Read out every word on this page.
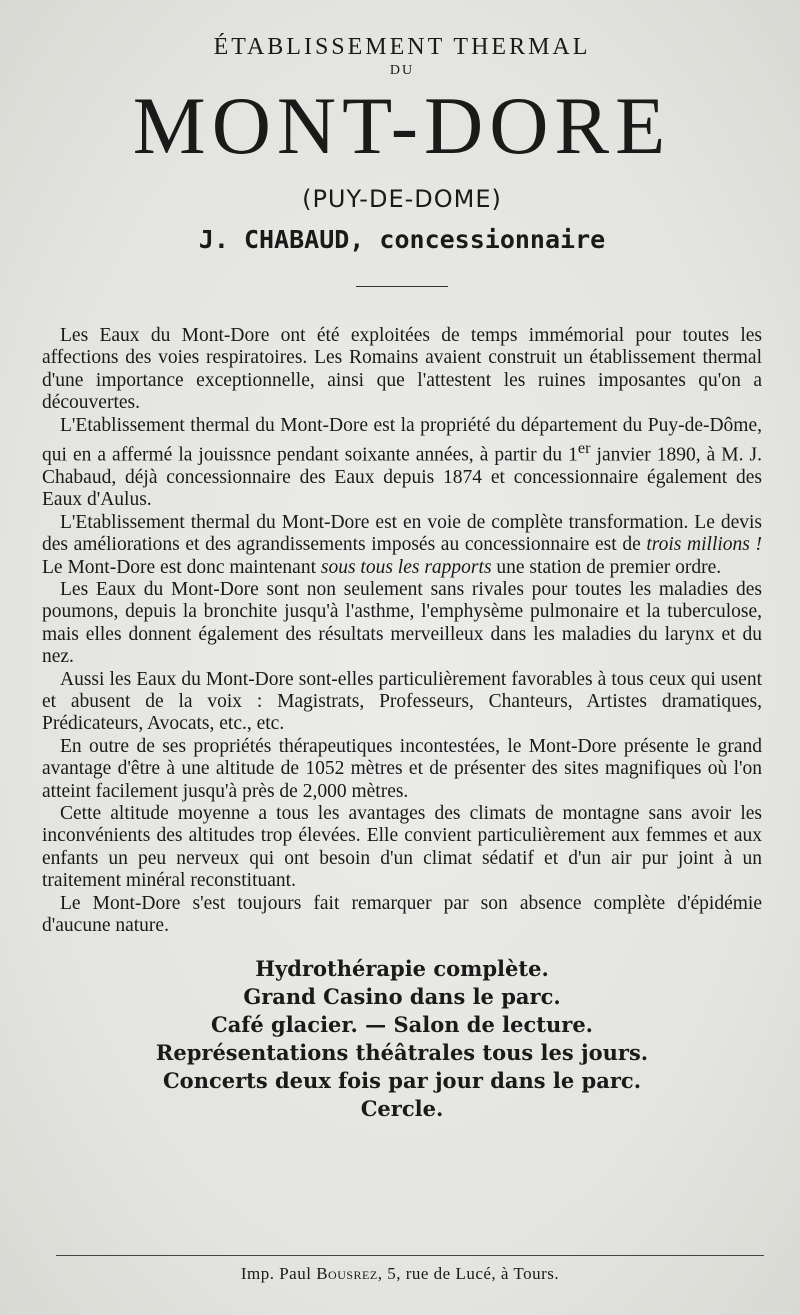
ÉTABLISSEMENT THERMAL
DU
MONT-DORE
(PUY-DE-DOME)
J. CHABAUD, concessionnaire

Les Eaux du Mont-Dore ont été exploitées de temps immémorial pour toutes les affections des voies respiratoires. Les Romains avaient construit un établissement thermal d'une importance exceptionnelle, ainsi que l'attestent les ruines imposantes qu'on a découvertes.

L'Etablissement thermal du Mont-Dore est la propriété du département du Puy-de-Dôme, qui en a affermé la jouissnce pendant soixante années, à partir du 1er janvier 1890, à M. J. Chabaud, déjà concessionnaire des Eaux depuis 1874 et concessionnaire également des Eaux d'Aulus.

L'Etablissement thermal du Mont-Dore est en voie de complète transformation. Le devis des améliorations et des agrandissements imposés au concessionnaire est de trois millions ! Le Mont-Dore est donc maintenant sous tous les rapports une station de premier ordre.

Les Eaux du Mont-Dore sont non seulement sans rivales pour toutes les maladies des poumons, depuis la bronchite jusqu'à l'asthme, l'emphysème pulmonaire et la tuberculose, mais elles donnent également des résultats merveilleux dans les maladies du larynx et du nez.

Aussi les Eaux du Mont-Dore sont-elles particulièrement favorables à tous ceux qui usent et abusent de la voix : Magistrats, Professeurs, Chanteurs, Artistes dramatiques, Prédicateurs, Avocats, etc., etc.

En outre de ses propriétés thérapeutiques incontestées, le Mont-Dore présente le grand avantage d'être à une altitude de 1052 mètres et de présenter des sites magnifiques où l'on atteint facilement jusqu'à près de 2,000 mètres.

Cette altitude moyenne a tous les avantages des climats de montagne sans avoir les inconvénients des altitudes trop élevées. Elle convient particulièrement aux femmes et aux enfants un peu nerveux qui ont besoin d'un climat sédatif et d'un air pur joint à un traitement minéral reconstituant.

Le Mont-Dore s'est toujours fait remarquer par son absence complète d'épidémie d'aucune nature.

Hydrothérapie complète.
Grand Casino dans le parc.
Café glacier. — Salon de lecture.
Représentations théâtrales tous les jours.
Concerts deux fois par jour dans le parc.
Cercle.
Imp. Paul Bousrez, 5, rue de Lucé, à Tours.
